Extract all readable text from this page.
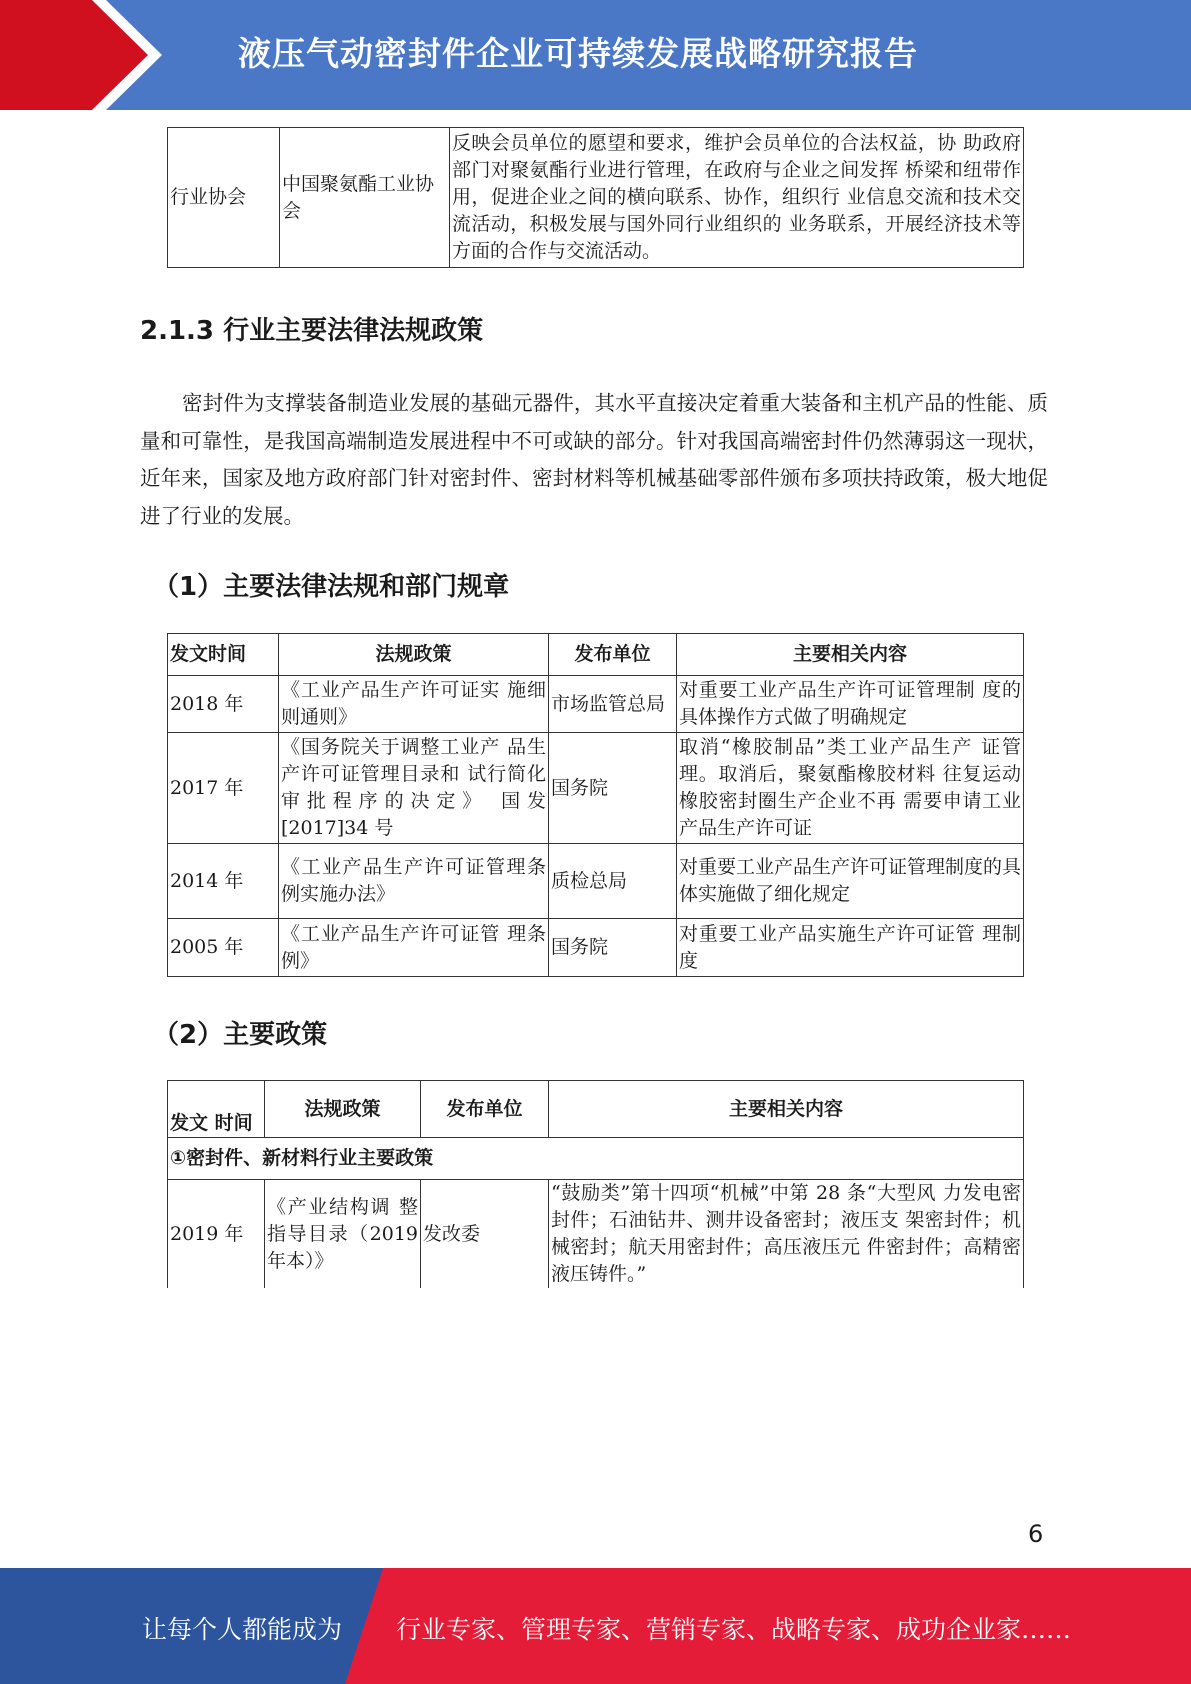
液压气动密封件企业可持续发展战略研究报告
行业协会	中国聚氨酯工业协会	反映会员单位的愿望和要求，维护会员单位的合法权益，协 助政府部门对聚氨酯行业进行管理，在政府与企业之间发挥 桥梁和纽带作用，促进企业之间的横向联系、协作，组织行 业信息交流和技术交流活动，积极发展与国外同行业组织的 业务联系，开展经济技术等方面的合作与交流活动。
2.1.3 行业主要法律法规政策
密封件为支撑装备制造业发展的基础元器件，其水平直接决定着重大装备和主机产品的性能、质量和可靠性，是我国高端制造发展进程中不可或缺的部分。针对我国高端密封件仍然薄弱这一现状，近年来，国家及地方政府部门针对密封件、密封材料等机械基础零部件颁布多项扶持政策，极大地促进了行业的发展。
（1）主要法律法规和部门规章
发文时间	法规政策	发布单位	主要相关内容
2018 年	《工业产品生产许可证实 施细则通则》	市场监管总局	对重要工业产品生产许可证管理制 度的具体操作方式做了明确规定
2017 年	《国务院关于调整工业产 品生产许可证管理目录和 试行简化审批程序的决定》 国发[2017]34 号	国务院	取消“橡胶制品”类工业产品生产 证管理。取消后，聚氨酯橡胶材料 往复运动橡胶密封圈生产企业不再 需要申请工业产品生产许可证
2014 年	《工业产品生产许可证管理条例实施办法》	质检总局	对重要工业产品生产许可证管理制度的具体实施做了细化规定
2005 年	《工业产品生产许可证管 理条例》	国务院	对重要工业产品实施生产许可证管 理制度
（2）主要政策
发文 时间	法规政策	发布单位	主要相关内容
①密封件、新材料行业主要政策			
2019 年	《产业结构调 整指导目录（2019 年本）》	发改委	“鼓励类”第十四项“机械”中第 28 条“大型风 力发电密封件；石油钻井、测井设备密封；液压支 架密封件；机械密封；航天用密封件；高压液压元 件密封件；高精密液压铸件。”
6
让每个人都能成为 行业专家、管理专家、营销专家、战略专家、成功企业家……
